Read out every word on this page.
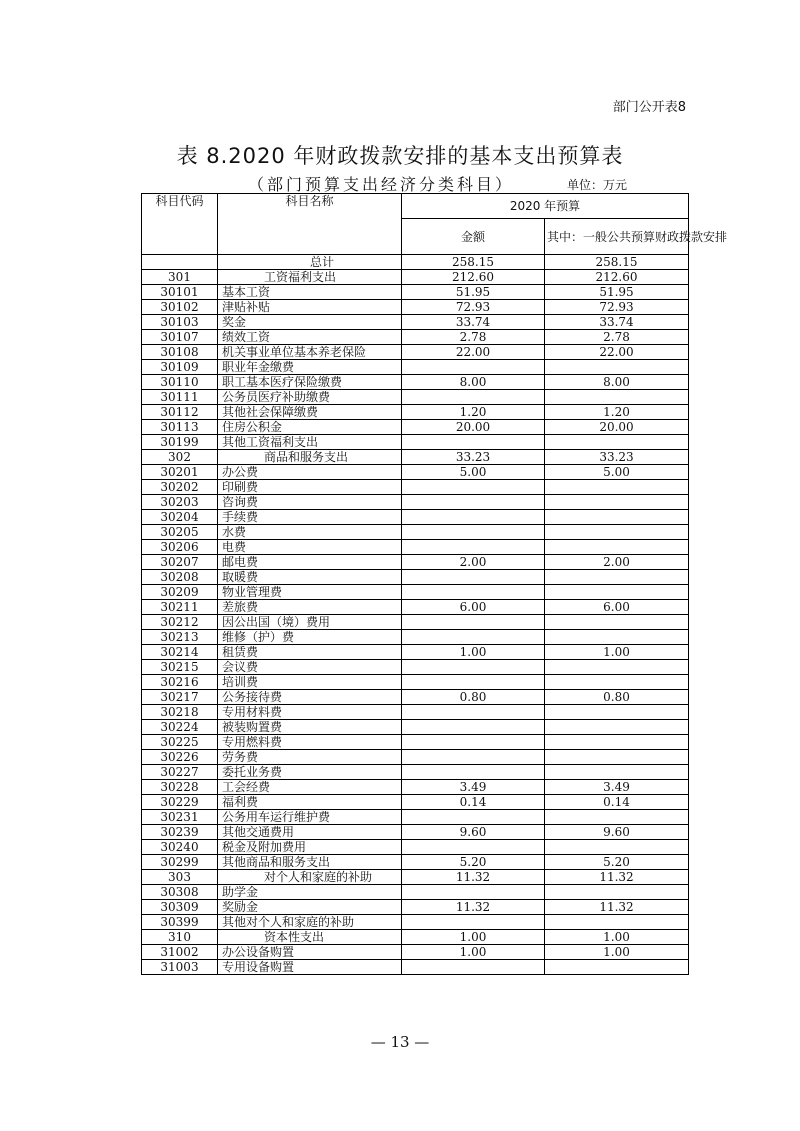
部门公开表8
表 8.2020 年财政拨款安排的基本支出预算表
（部门预算支出经济分类科目）	单位：万元
科目代码	科目名称	2020 年预算	
		金额	其中：一般公共预算财政拨款安排
	总计	258.15	258.15
301	工资福利支出	212.60	212.60
30101	基本工资	51.95	51.95
30102	津贴补贴	72.93	72.93
30103	奖金	33.74	33.74
30107	绩效工资	2.78	2.78
30108	机关事业单位基本养老保险	22.00	22.00
30109	职业年金缴费		
30110	职工基本医疗保险缴费	8.00	8.00
30111	公务员医疗补助缴费		
30112	其他社会保障缴费	1.20	1.20
30113	住房公积金	20.00	20.00
30199	其他工资福利支出		
302	商品和服务支出	33.23	33.23
30201	办公费	5.00	5.00
30202	印刷费		
30203	咨询费		
30204	手续费		
30205	水费		
30206	电费		
30207	邮电费	2.00	2.00
30208	取暖费		
30209	物业管理费		
30211	差旅费	6.00	6.00
30212	因公出国（境）费用		
30213	维修（护）费		
30214	租赁费	1.00	1.00
30215	会议费		
30216	培训费		
30217	公务接待费	0.80	0.80
30218	专用材料费		
30224	被装购置费		
30225	专用燃料费		
30226	劳务费		
30227	委托业务费		
30228	工会经费	3.49	3.49
30229	福利费	0.14	0.14
30231	公务用车运行维护费		
30239	其他交通费用	9.60	9.60
30240	税金及附加费用		
30299	其他商品和服务支出	5.20	5.20
303	对个人和家庭的补助	11.32	11.32
30308	助学金		
30309	奖励金	11.32	11.32
30399	其他对个人和家庭的补助		
310	资本性支出	1.00	1.00
31002	办公设备购置	1.00	1.00
31003	专用设备购置		
— 13 —
